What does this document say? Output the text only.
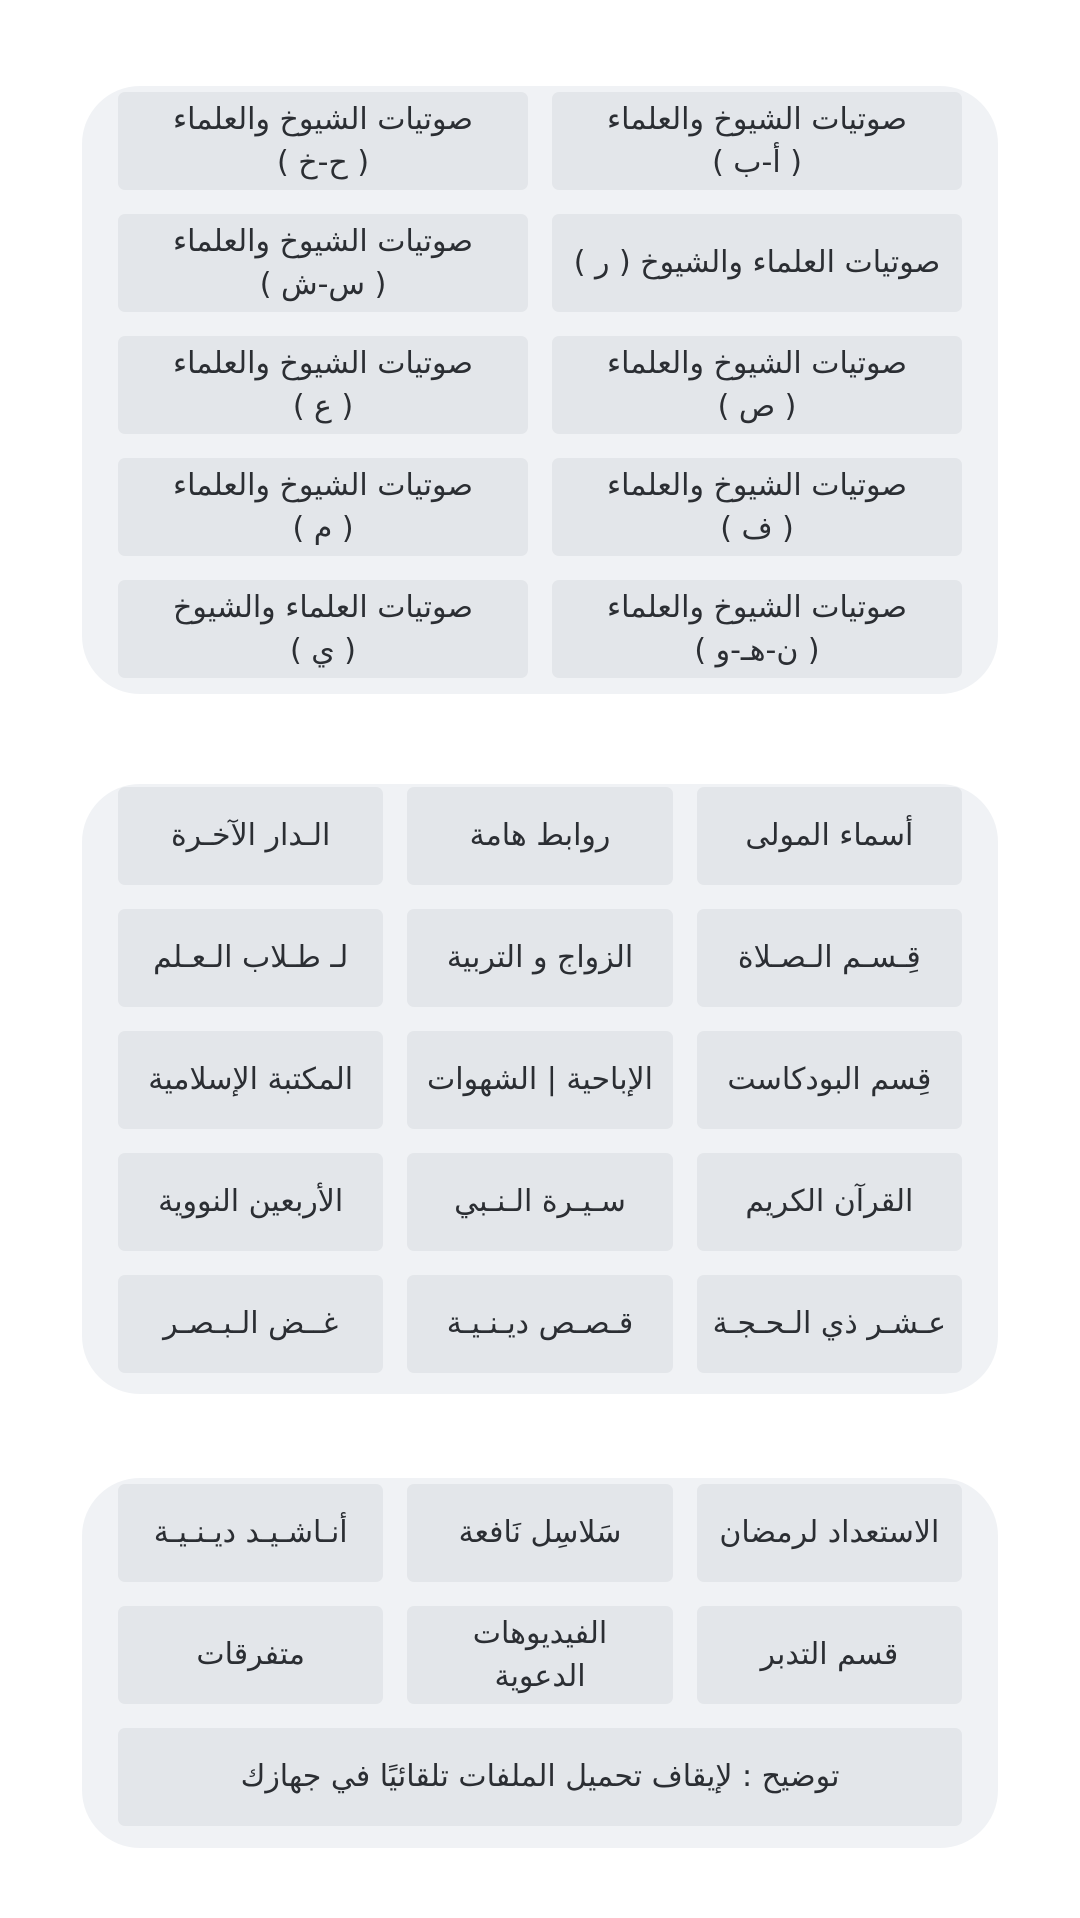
صوتيات الشيوخ والعلماء
( أ-ب )
صوتيات الشيوخ والعلماء
( ح-خ )
صوتيات العلماء والشيوخ ( ر )
صوتيات الشيوخ والعلماء
( س-ش )
صوتيات الشيوخ والعلماء
( ص )
صوتيات الشيوخ والعلماء
( ع )
صوتيات الشيوخ والعلماء
( ف )
صوتيات الشيوخ والعلماء
( م )
صوتيات الشيوخ والعلماء
( ن-هـ-و )
صوتيات العلماء والشيوخ
( ي )
أسماء المولى
روابط هامة
الـدار الآخـرة
قِـسـم الـصـلاة
الزواج و التربية
لـ طـلاب الـعـلم
قِسم البودكاست
الإباحية | الشهوات
المكتبة الإسلامية
القرآن الكريم
سـيـرة الـنـبي
الأربعين النووية
عـشـر ذي الـحـجـة
قـصـص ديـنـيـة
غــض الـبـصـر
الاستعداد لرمضان
سَلاسِل نَافعة
أنـاشـيـد ديـنـيـة
قسم التدبر
الفيديوهات
الدعوية
متفرقات
توضيح : لإيقاف تحميل الملفات تلقائيًا في جهازك
